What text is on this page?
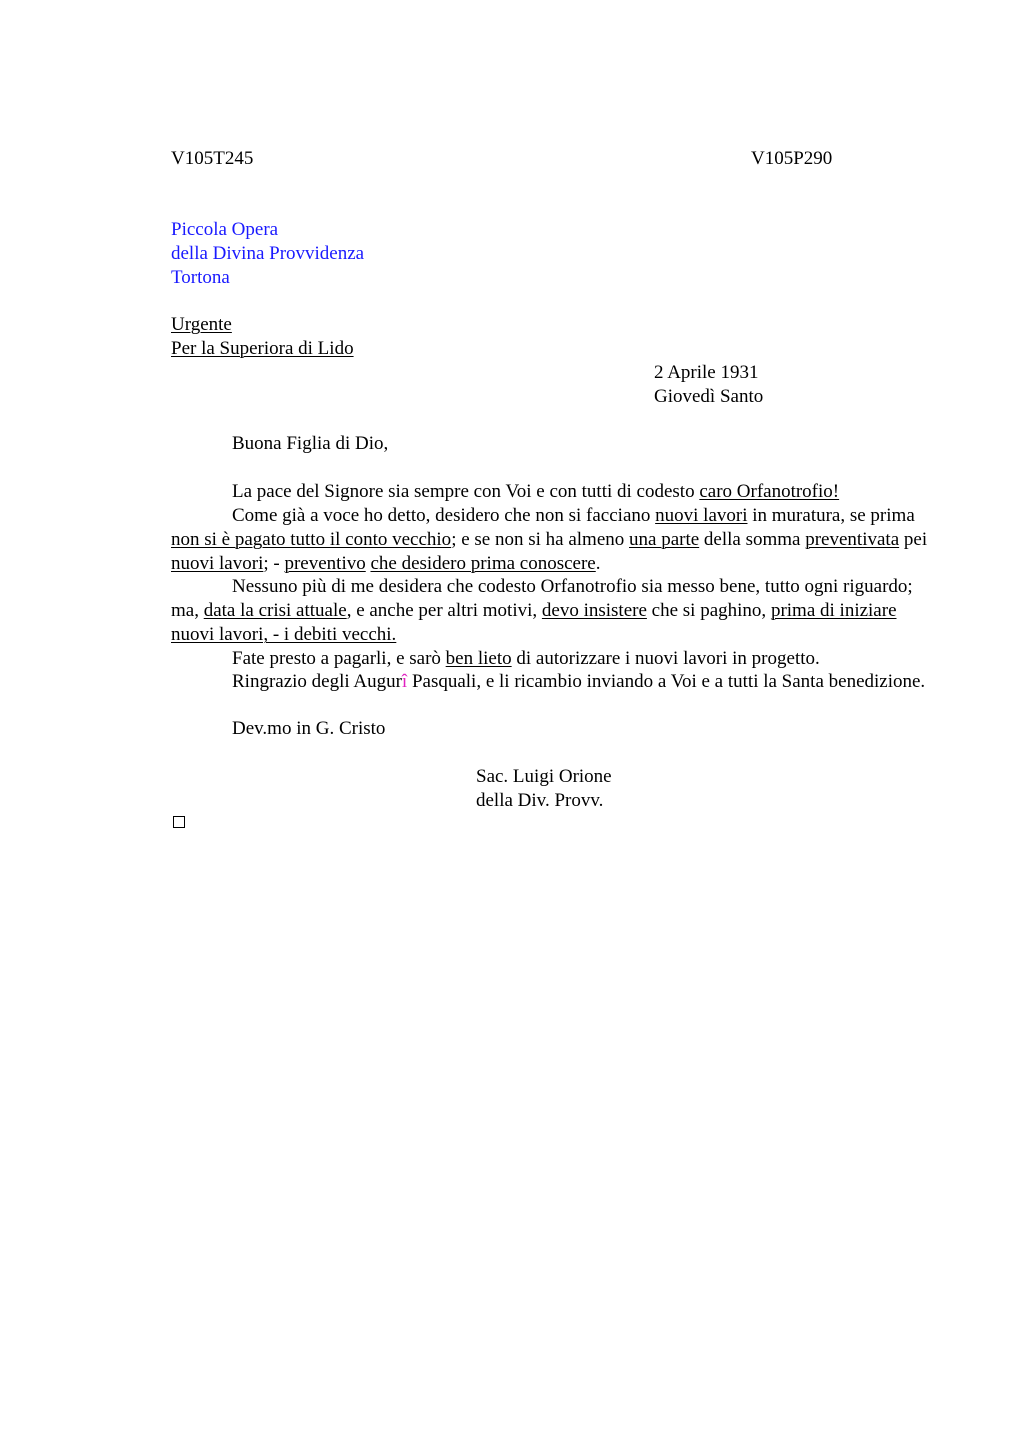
V105T245	V105P290
Piccola Opera
della Divina Provvidenza
Tortona
Urgente
Per la Superiora di Lido
2 Aprile 1931
Giovedì Santo
Buona Figlia di Dio,
La pace del Signore sia sempre con Voi e con tutti di codesto caro Orfanotrofio!
Come già a voce ho detto, desidero che non si facciano nuovi lavori in muratura, se prima non si è pagato tutto il conto vecchio; e se non si ha almeno una parte della somma preventivata pei nuovi lavori; - preventivo che desidero prima conoscere.
Nessuno più di me desidera che codesto Orfanotrofio sia messo bene, tutto ogni riguardo; ma, data la crisi attuale, e anche per altri motivi, devo insistere che si paghino, prima di iniziare nuovi lavori, - i debiti vecchi.
Fate presto a pagarli, e sarò ben lieto di autorizzare i nuovi lavori in progetto.
Ringrazio degli Augurî Pasquali, e li ricambio inviando a Voi e a tutti la Santa benedizione.
Dev.mo in G. Cristo
Sac. Luigi Orione
della Div. Provv.
